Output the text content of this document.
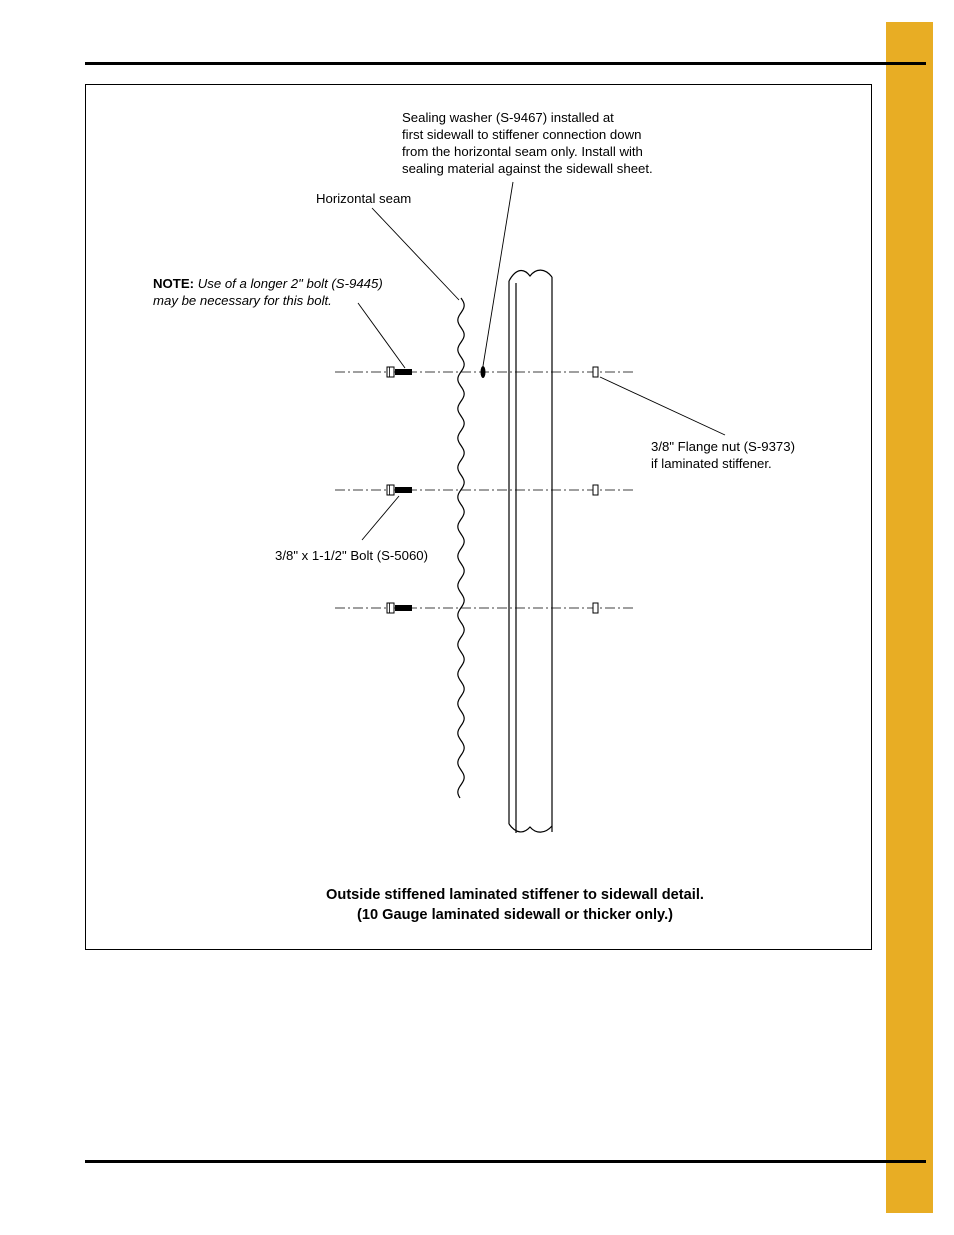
Sealing washer (S-9467) installed at
first sidewall to stiffener connection down
from the horizontal seam only. Install with
sealing material against the sidewall sheet.
Horizontal seam
NOTE: Use of a longer 2" bolt (S-9445)
may be necessary for this bolt.
3/8" Flange nut (S-9373)
if laminated stiffener.
3/8" x 1-1/2" Bolt (S-5060)
Outside stiffened laminated stiffener to sidewall detail.
(10 Gauge laminated sidewall or thicker only.)
